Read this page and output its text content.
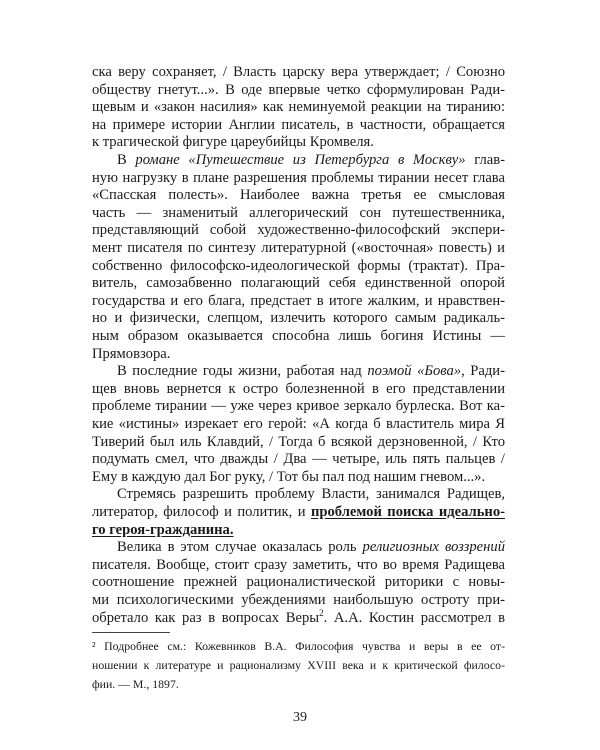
ска веру сохраняет, / Власть царску вера утверждает; / Союзно
обществу гнетут...». В оде впервые четко сформулирован Ради-
щевым и «закон насилия» как неминуемой реакции на тиранию:
на примере истории Англии писатель, в частности, обращается
к трагической фигуре цареубийцы Кромвеля.
В романе «Путешествие из Петербурга в Москву» глав-
ную нагрузку в плане разрешения проблемы тирании несет глава
«Спасская полесть». Наиболее важна третья ее смысловая
часть — знаменитый аллегорический сон путешественника,
представляющий собой художественно-философский экспери-
мент писателя по синтезу литературной («восточная» повесть) и
собственно философско-идеологической формы (трактат). Пра-
витель, самозабвенно полагающий себя единственной опорой
государства и его блага, предстает в итоге жалким, и нравствен-
но и физически, слепцом, излечить которого самым радикаль-
ным образом оказывается способна лишь богиня Истины —
Прямовзора.
В последние годы жизни, работая над поэмой «Бова», Ради-
щев вновь вернется к остро болезненной в его представлении
проблеме тирании — уже через кривое зеркало бурлеска. Вот ка-
кие «истины» изрекает его герой: «А когда б властитель мира Я
Тиверий был иль Клавдий, / Тогда б всякой дерзновенной, / Кто
подумать смел, что дважды / Два — четыре, иль пять пальцев /
Ему в каждую дал Бог руку, / Тот бы пал под нашим гневом...».
Стремясь разрешить проблему Власти, занимался Радищев,
литератор, философ и политик, и проблемой поиска идеально-
го героя-гражданина.
Велика в этом случае оказалась роль религиозных воззрений
писателя. Вообще, стоит сразу заметить, что во время Радищева
соотношение прежней рационалистической риторики с новы-
ми психологическими убеждениями наибольшую остроту при-
обретало как раз в вопросах Веры$^2$. А.А. Костин рассмотрел в
² Подробнее см.: Кожевников В.А. Философия чувства и веры в ее от-
ношении к литературе и рационализму XVIII века и к критической филосо-
фии. — М., 1897.
39
